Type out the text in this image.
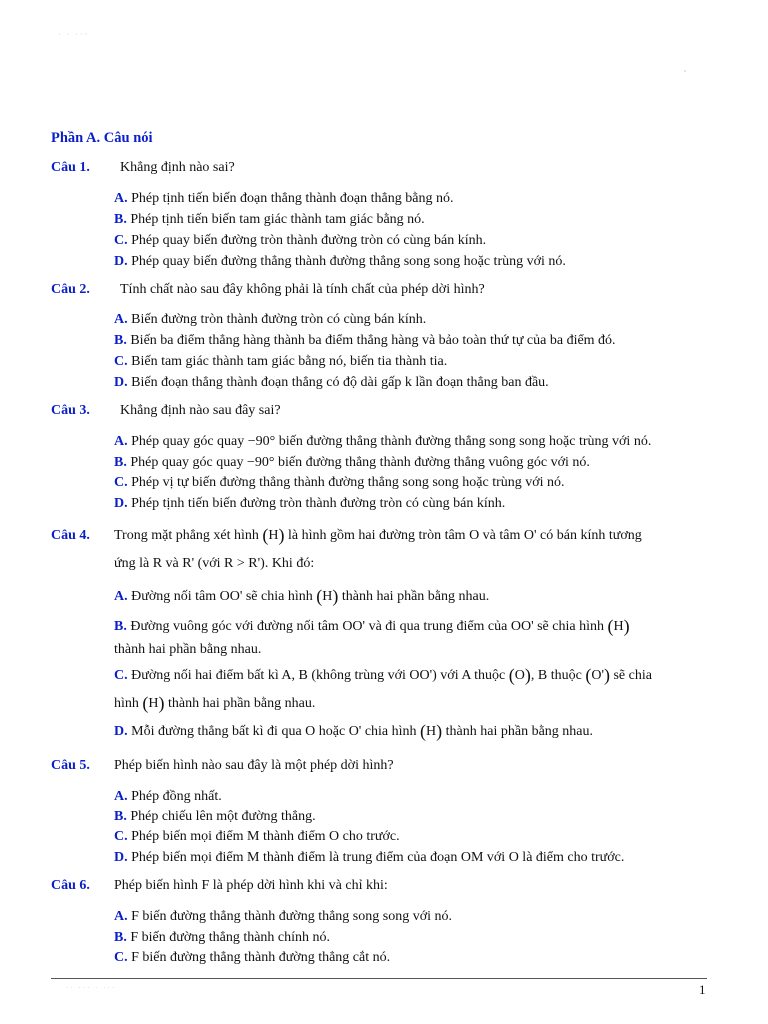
· · ···
Phần A. Câu nói
Câu 1. Khẳng định nào sai?
A. Phép tịnh tiến biến đoạn thẳng thành đoạn thẳng bằng nó.
B. Phép tịnh tiến biến tam giác thành tam giác bằng nó.
C. Phép quay biến đường tròn thành đường tròn có cùng bán kính.
D. Phép quay biến đường thẳng thành đường thẳng song song hoặc trùng với nó.
Câu 2. Tính chất nào sau đây không phải là tính chất của phép dời hình?
A. Biến đường tròn thành đường tròn có cùng bán kính.
B. Biến ba điểm thẳng hàng thành ba điểm thẳng hàng và bảo toàn thứ tự của ba điểm đó.
C. Biến tam giác thành tam giác bằng nó, biến tia thành tia.
D. Biến đoạn thẳng thành đoạn thẳng có độ dài gấp k lần đoạn thẳng ban đầu.
Câu 3. Khẳng định nào sau đây sai?
A. Phép quay góc quay −90° biến đường thẳng thành đường thẳng song song hoặc trùng với nó.
B. Phép quay góc quay −90° biến đường thẳng thành đường thẳng vuông góc với nó.
C. Phép vị tự biến đường thẳng thành đường thẳng song song hoặc trùng với nó.
D. Phép tịnh tiến biến đường tròn thành đường tròn có cùng bán kính.
Câu 4. Trong mặt phẳng xét hình (H) là hình gồm hai đường tròn tâm O và tâm O' có bán kính tương
ứng là R và R' (với R > R'). Khi đó:
A. Đường nối tâm OO' sẽ chia hình (H) thành hai phần bằng nhau.
B. Đường vuông góc với đường nối tâm OO' và đi qua trung điểm của OO' sẽ chia hình (H)
thành hai phần bằng nhau.
C. Đường nối hai điểm bất kì A, B (không trùng với OO') với A thuộc (O), B thuộc (O') sẽ chia
hình (H) thành hai phần bằng nhau.
D. Mỗi đường thẳng bất kì đi qua O hoặc O' chia hình (H) thành hai phần bằng nhau.
Câu 5. Phép biến hình nào sau đây là một phép dời hình?
A. Phép đồng nhất.
B. Phép chiếu lên một đường thẳng.
C. Phép biến mọi điểm M thành điểm O cho trước.
D. Phép biến mọi điểm M thành điểm là trung điểm của đoạn OM với O là điểm cho trước.
Câu 6. Phép biến hình F là phép dời hình khi và chỉ khi:
A. F biến đường thẳng thành đường thẳng song song với nó.
B. F biến đường thẳng thành chính nó.
C. F biến đường thẳng thành đường thẳng cắt nó.
·· ··· · ···	1
